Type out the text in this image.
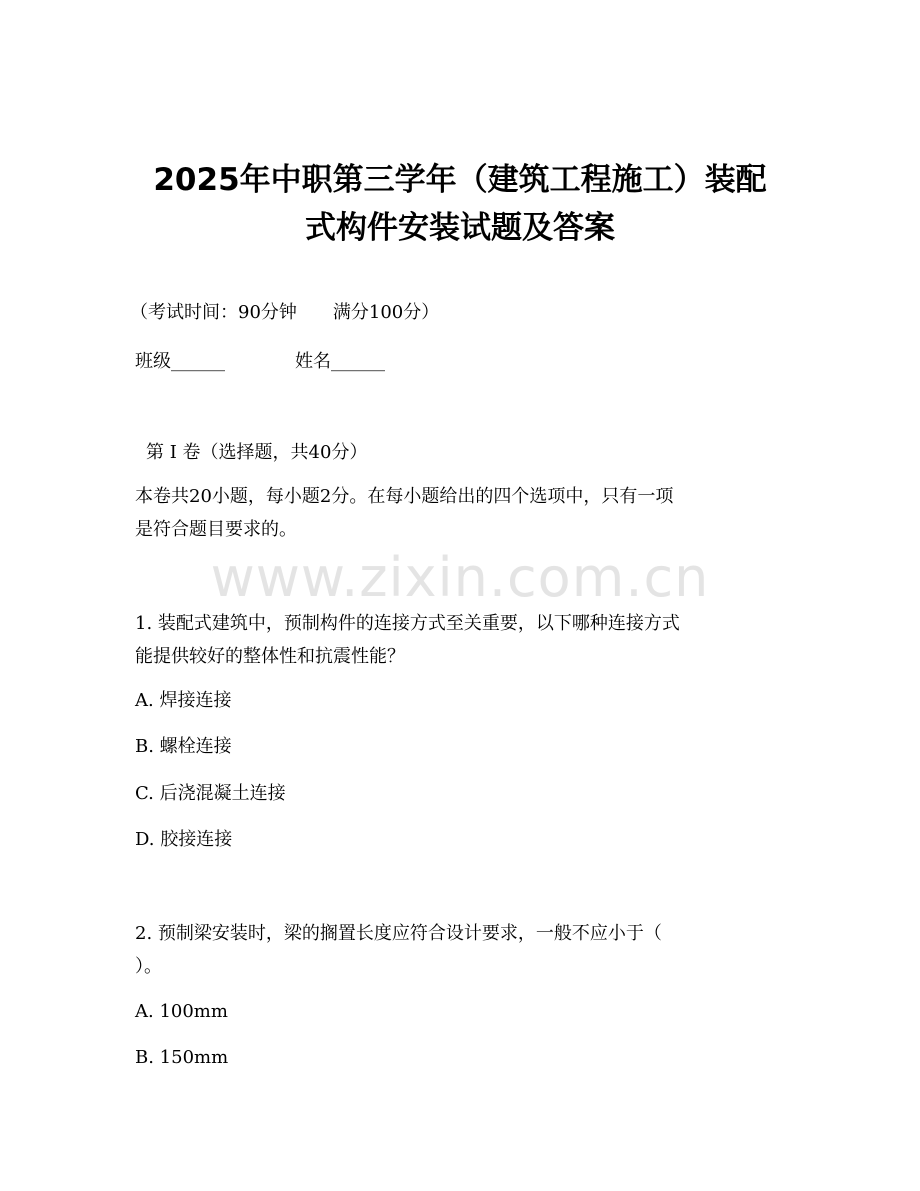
2025年中职第三学年（建筑工程施工）装配
式构件安装试题及答案
（考试时间：90分钟　　满分100分）
班级______	姓名______
第 I 卷（选择题，共40分）
本卷共20小题，每小题2分。在每小题给出的四个选项中，只有一项
是符合题目要求的。
www.zixin.com.cn
1. 装配式建筑中，预制构件的连接方式至关重要，以下哪种连接方式
能提供较好的整体性和抗震性能？
A. 焊接连接
B. 螺栓连接
C. 后浇混凝土连接
D. 胶接连接
2. 预制梁安装时，梁的搁置长度应符合设计要求，一般不应小于（
）。
A. 100mm
B. 150mm
